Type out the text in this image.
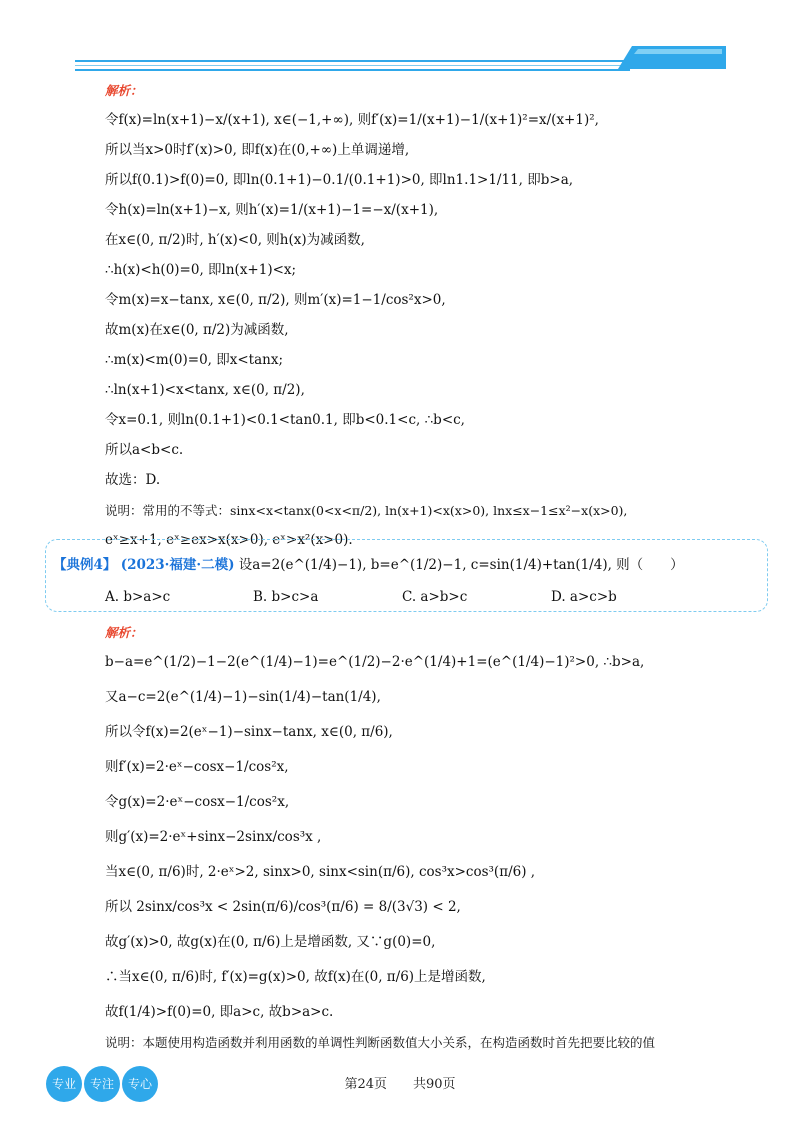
解析：
令f(x)=ln(x+1)−x/(x+1), x∈(−1,+∞), 则f′(x)=1/(x+1)−1/(x+1)²=x/(x+1)²,
所以当x>0时f′(x)>0, 即f(x)在(0,+∞)上单调递增,
所以f(0.1)>f(0)=0, 即ln(0.1+1)−0.1/(0.1+1)>0, 即ln1.1>1/11, 即b>a,
令h(x)=ln(x+1)−x, 则h′(x)=1/(x+1)−1=−x/(x+1),
在x∈(0, π/2)时, h′(x)<0, 则h(x)为减函数,
∴h(x)<h(0)=0, 即ln(x+1)<x;
令m(x)=x−tanx, x∈(0, π/2), 则m′(x)=1−1/cos²x>0,
故m(x)在x∈(0, π/2)为减函数,
∴m(x)<m(0)=0, 即x<tanx;
∴ln(x+1)<x<tanx, x∈(0, π/2),
令x=0.1, 则ln(0.1+1)<0.1<tan0.1, 即b<0.1<c, ∴b<c,
所以a<b<c.
故选：D.
说明：常用的不等式：sinx<x<tanx(0<x<π/2), ln(x+1)<x(x>0), lnx≤x−1≤x²−x(x>0),
eˣ≥x+1, eˣ≥ex>x(x>0), eˣ>x²(x>0).
【典例4】 (2023·福建·二模) 设a=2(e^(1/4)−1), b=e^(1/2)−1, c=sin(1/4)+tan(1/4), 则（　　）
A. b>a>c	B. b>c>a	C. a>b>c	D. a>c>b
解析：
b−a=e^(1/2)−1−2(e^(1/4)−1)=e^(1/2)−2·e^(1/4)+1=(e^(1/4)−1)²>0, ∴b>a,
又a−c=2(e^(1/4)−1)−sin(1/4)−tan(1/4),
所以令f(x)=2(eˣ−1)−sinx−tanx, x∈(0, π/6),
则f′(x)=2·eˣ−cosx−1/cos²x,
令g(x)=2·eˣ−cosx−1/cos²x,
则g′(x)=2·eˣ+sinx−2sinx/cos³x ,
当x∈(0, π/6)时, 2·eˣ>2, sinx>0, sinx<sin(π/6), cos³x>cos³(π/6) ,
所以 2sinx/cos³x < 2sin(π/6)/cos³(π/6) = 8/(3√3) < 2,
故g′(x)>0, 故g(x)在(0, π/6)上是增函数, 又∵g(0)=0,
∴当x∈(0, π/6)时, f′(x)=g(x)>0, 故f(x)在(0, π/6)上是增函数,
故f(1/4)>f(0)=0, 即a>c, 故b>a>c.
说明：本题使用构造函数并利用函数的单调性判断函数值大小关系，在构造函数时首先把要比较的值
专业	专注	专心	第24页　　共90页
